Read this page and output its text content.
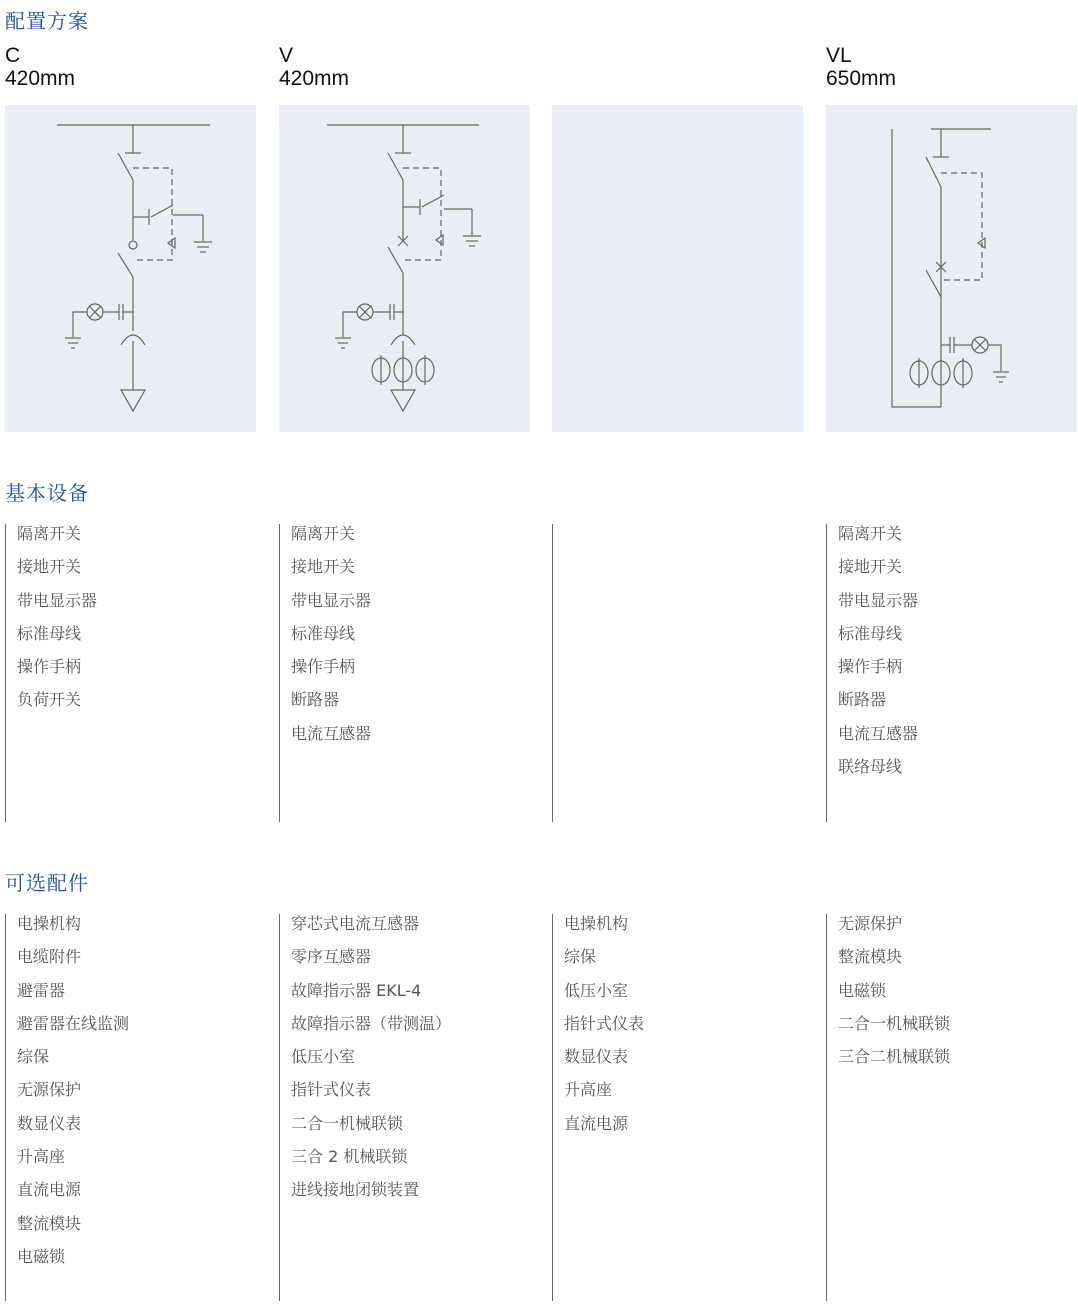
配置方案
基本设备
可选配件
C
420mm
V
420mm
VL
650mm
隔离开关
接地开关
带电显示器
标准母线
操作手柄
负荷开关
隔离开关
接地开关
带电显示器
标准母线
操作手柄
断路器
电流互感器
隔离开关
接地开关
带电显示器
标准母线
操作手柄
断路器
电流互感器
联络母线
电操机构
电缆附件
避雷器
避雷器在线监测
综保
无源保护
数显仪表
升高座
直流电源
整流模块
电磁锁
穿芯式电流互感器
零序互感器
故障指示器 EKL-4
故障指示器（带测温）
低压小室
指针式仪表
二合一机械联锁
三合 2 机械联锁
进线接地闭锁装置
电操机构
综保
低压小室
指针式仪表
数显仪表
升高座
直流电源
无源保护
整流模块
电磁锁
二合一机械联锁
三合二机械联锁
